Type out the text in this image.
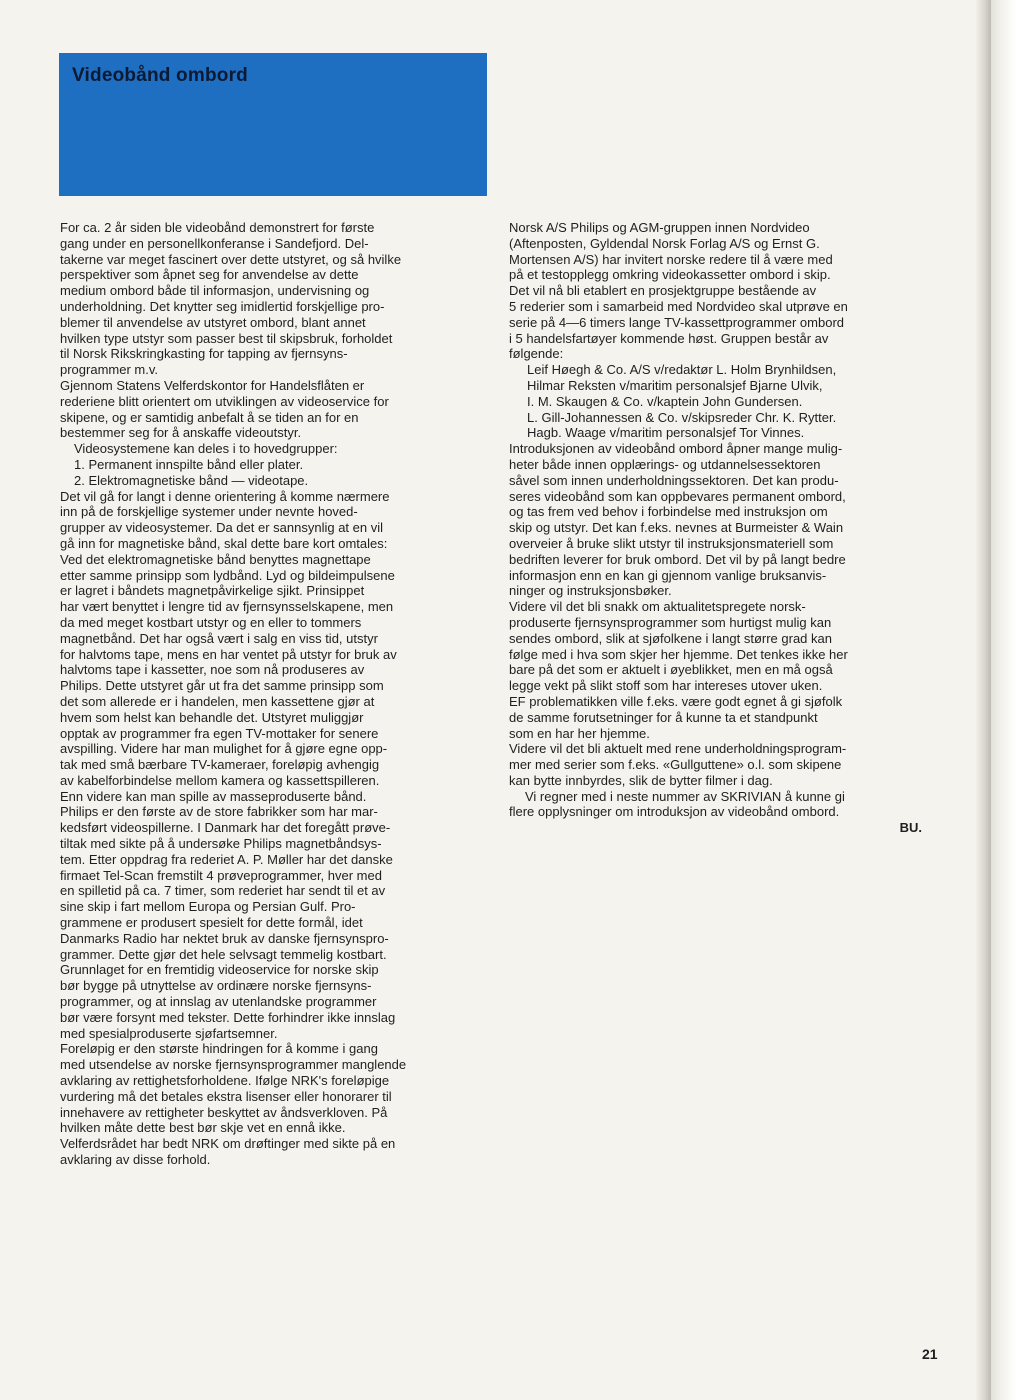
Videobånd ombord

For ca. 2 år siden ble videobånd demonstrert for første

gang under en personellkonferanse i Sandefjord. Del-

takerne var meget fascinert over dette utstyret, og så hvilke

perspektiver som åpnet seg for anvendelse av dette

medium ombord både til informasjon, undervisning og

underholdning. Det knytter seg imidlertid forskjellige pro-

blemer til anvendelse av utstyret ombord, blant annet

hvilken type utstyr som passer best til skipsbruk, forholdet

til Norsk Rikskringkasting for tapping av fjernsyns-

programmer m.v.

Gjennom Statens Velferdskontor for Handelsflåten er

rederiene blitt orientert om utviklingen av videoservice for

skipene, og er samtidig anbefalt å se tiden an for en

bestemmer seg for å anskaffe videoutstyr.

Videosystemene kan deles i to hovedgrupper:

1. Permanent innspilte bånd eller plater.

2. Elektromagnetiske bånd — videotape.

Det vil gå for langt i denne orientering å komme nærmere

inn på de forskjellige systemer under nevnte hoved-

grupper av videosystemer. Da det er sannsynlig at en vil

gå inn for magnetiske bånd, skal dette bare kort omtales:

Ved det elektromagnetiske bånd benyttes magnettape

etter samme prinsipp som lydbånd. Lyd og bildeimpulsene

er lagret i båndets magnetpåvirkelige sjikt. Prinsippet

har vært benyttet i lengre tid av fjernsynsselskapene, men

da med meget kostbart utstyr og en eller to tommers

magnetbånd. Det har også vært i salg en viss tid, utstyr

for halvtoms tape, mens en har ventet på utstyr for bruk av

halvtoms tape i kassetter, noe som nå produseres av

Philips. Dette utstyret går ut fra det samme prinsipp som

det som allerede er i handelen, men kassettene gjør at

hvem som helst kan behandle det. Utstyret muliggjør

opptak av programmer fra egen TV-mottaker for senere

avspilling. Videre har man mulighet for å gjøre egne opp-

tak med små bærbare TV-kameraer, foreløpig avhengig

av kabelforbindelse mellom kamera og kassettspilleren.

Enn videre kan man spille av masseproduserte bånd.

Philips er den første av de store fabrikker som har mar-

kedsført videospillerne. I Danmark har det foregått prøve-

tiltak med sikte på å undersøke Philips magnetbåndsys-

tem. Etter oppdrag fra rederiet A. P. Møller har det danske

firmaet Tel-Scan fremstilt 4 prøveprogrammer, hver med

en spilletid på ca. 7 timer, som rederiet har sendt til et av

sine skip i fart mellom Europa og Persian Gulf. Pro-

grammene er produsert spesielt for dette formål, idet

Danmarks Radio har nektet bruk av danske fjernsynspro-

grammer. Dette gjør det hele selvsagt temmelig kostbart.

Grunnlaget for en fremtidig videoservice for norske skip

bør bygge på utnyttelse av ordinære norske fjernsyns-

programmer, og at innslag av utenlandske programmer

bør være forsynt med tekster. Dette forhindrer ikke innslag

med spesialproduserte sjøfartsemner.

Foreløpig er den største hindringen for å komme i gang

med utsendelse av norske fjernsynsprogrammer manglende

avklaring av rettighetsforholdene. Ifølge NRK's foreløpige

vurdering må det betales ekstra lisenser eller honorarer til

innehavere av rettigheter beskyttet av åndsverkloven. På

hvilken måte dette best bør skje vet en ennå ikke.

Velferdsrådet har bedt NRK om drøftinger med sikte på en

avklaring av disse forhold.

Norsk A/S Philips og AGM-gruppen innen Nordvideo

(Aftenposten, Gyldendal Norsk Forlag A/S og Ernst G.

Mortensen A/S) har invitert norske redere til å være med

på et testopplegg omkring videokassetter ombord i skip.

Det vil nå bli etablert en prosjektgruppe bestående av

5 rederier som i samarbeid med Nordvideo skal utprøve en

serie på 4—6 timers lange TV-kassettprogrammer ombord

i 5 handelsfartøyer kommende høst. Gruppen består av

følgende:

Leif Høegh & Co. A/S v/redaktør L. Holm Brynhildsen,

Hilmar Reksten v/maritim personalsjef Bjarne Ulvik,

I. M. Skaugen & Co. v/kaptein John Gundersen.

L. Gill-Johannessen & Co. v/skipsreder Chr. K. Rytter.

Hagb. Waage v/maritim personalsjef Tor Vinnes.

Introduksjonen av videobånd ombord åpner mange mulig-

heter både innen opplærings- og utdannelsessektoren

såvel som innen underholdningssektoren. Det kan produ-

seres videobånd som kan oppbevares permanent ombord,

og tas frem ved behov i forbindelse med instruksjon om

skip og utstyr. Det kan f.eks. nevnes at Burmeister & Wain

overveier å bruke slikt utstyr til instruksjonsmateriell som

bedriften leverer for bruk ombord. Det vil by på langt bedre

informasjon enn en kan gi gjennom vanlige bruksanvis-

ninger og instruksjonsbøker.

Videre vil det bli snakk om aktualitetspregete norsk-

produserte fjernsynsprogrammer som hurtigst mulig kan

sendes ombord, slik at sjøfolkene i langt større grad kan

følge med i hva som skjer her hjemme. Det tenkes ikke her

bare på det som er aktuelt i øyeblikket, men en må også

legge vekt på slikt stoff som har intereses utover uken.

EF problematikken ville f.eks. være godt egnet å gi sjøfolk

de samme forutsetninger for å kunne ta et standpunkt

som en har her hjemme.

Videre vil det bli aktuelt med rene underholdningsprogram-

mer med serier som f.eks. «Gullguttene» o.l. som skipene

kan bytte innbyrdes, slik de bytter filmer i dag.

Vi regner med i neste nummer av SKRIVIAN å kunne gi

flere opplysninger om introduksjon av videobånd ombord.

BU.

21
